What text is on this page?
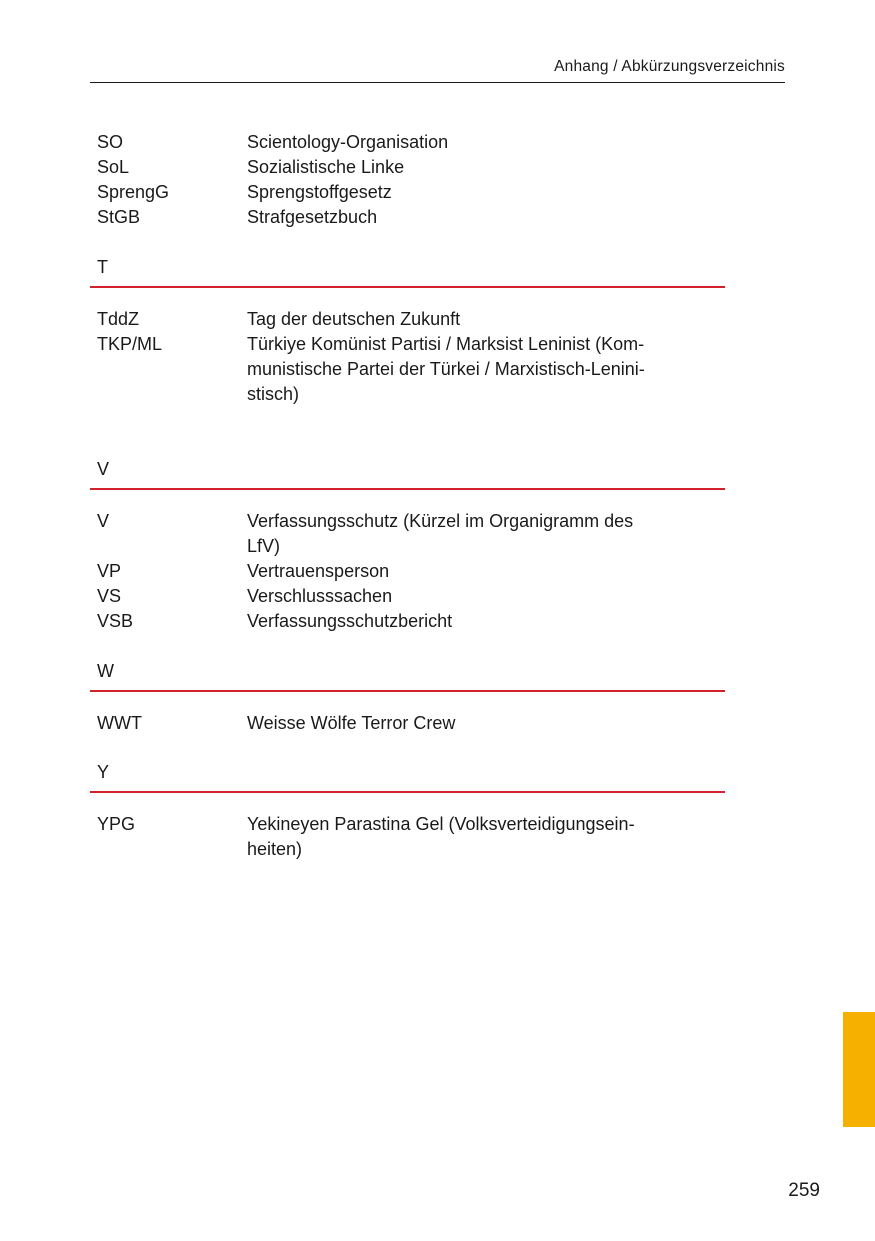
Anhang / Abkürzungsverzeichnis
SO	Scientology-Organisation
SoL	Sozialistische Linke
SprengG	Sprengstoffgesetz
StGB	Strafgesetzbuch
T
TddZ	Tag der deutschen Zukunft
TKP/ML	Türkiye Komünist Partisi / Marksist Leninist (Kom-
munistische Partei der Türkei / Marxistisch-Lenini-
stisch)
V
V	Verfassungsschutz (Kürzel im Organigramm des
LfV)
VP	Vertrauensperson
VS	Verschlusssachen
VSB	Verfassungsschutzbericht
W
WWT	Weisse Wölfe Terror Crew
Y
YPG	Yekineyen Parastina Gel (Volksverteidigungsein-
heiten)
259
